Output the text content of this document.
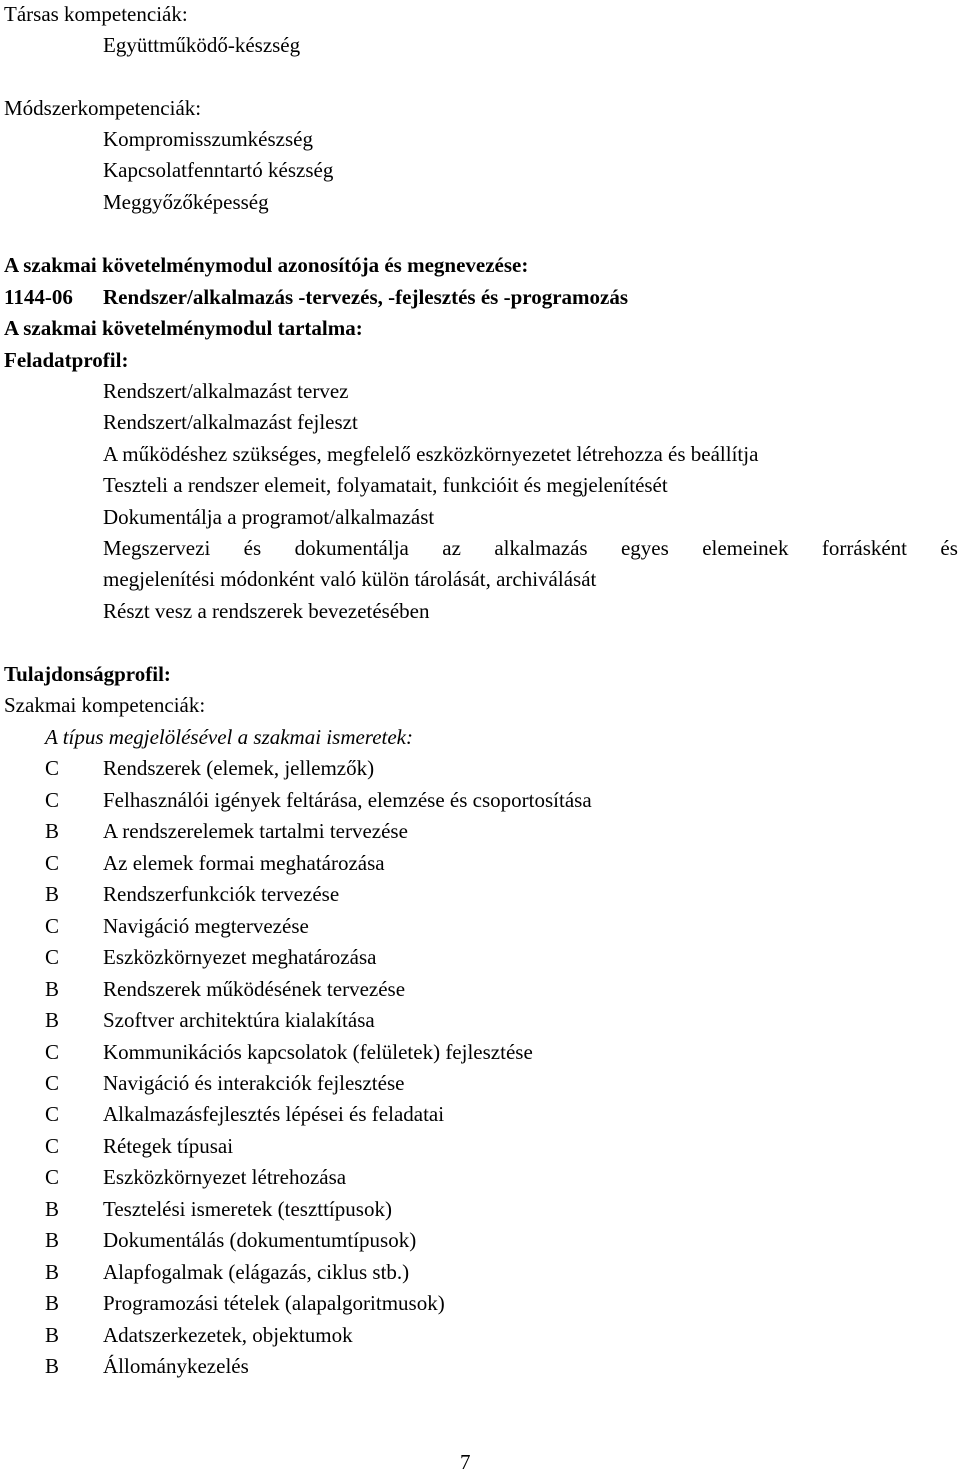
Társas kompetenciák:
Együttműködő-készség
Módszerkompetenciák:
Kompromisszumkészség
Kapcsolatfenntartó készség
Meggyőzőképesség
A szakmai követelménymodul azonosítója és megnevezése:
1144-06 Rendszer/alkalmazás -tervezés, -fejlesztés és -programozás
A szakmai követelménymodul tartalma:
Feladatprofil:
Rendszert/alkalmazást tervez
Rendszert/alkalmazást fejleszt
A működéshez szükséges, megfelelő eszközkörnyezetet létrehozza és beállítja
Teszteli a rendszer elemeit, folyamatait, funkcióit és megjelenítését
Dokumentálja a programot/alkalmazást
Megszervezi és dokumentálja az alkalmazás egyes elemeinek forrásként és
megjelenítési módonként való külön tárolását, archiválását
Részt vesz a rendszerek bevezetésében
Tulajdonságprofil:
Szakmai kompetenciák:
A típus megjelölésével a szakmai ismeretek:
C Rendszerek (elemek, jellemzők)
C Felhasználói igények feltárása, elemzése és csoportosítása
B A rendszerelemek tartalmi tervezése
C Az elemek formai meghatározása
B Rendszerfunkciók tervezése
C Navigáció megtervezése
C Eszközkörnyezet meghatározása
B Rendszerek működésének tervezése
B Szoftver architektúra kialakítása
C Kommunikációs kapcsolatok (felületek) fejlesztése
C Navigáció és interakciók fejlesztése
C Alkalmazásfejlesztés lépései és feladatai
C Rétegek típusai
C Eszközkörnyezet létrehozása
B Tesztelési ismeretek (teszttípusok)
B Dokumentálás (dokumentumtípusok)
B Alapfogalmak (elágazás, ciklus stb.)
B Programozási tételek (alapalgoritmusok)
B Adatszerkezetek, objektumok
B Állománykezelés
7
